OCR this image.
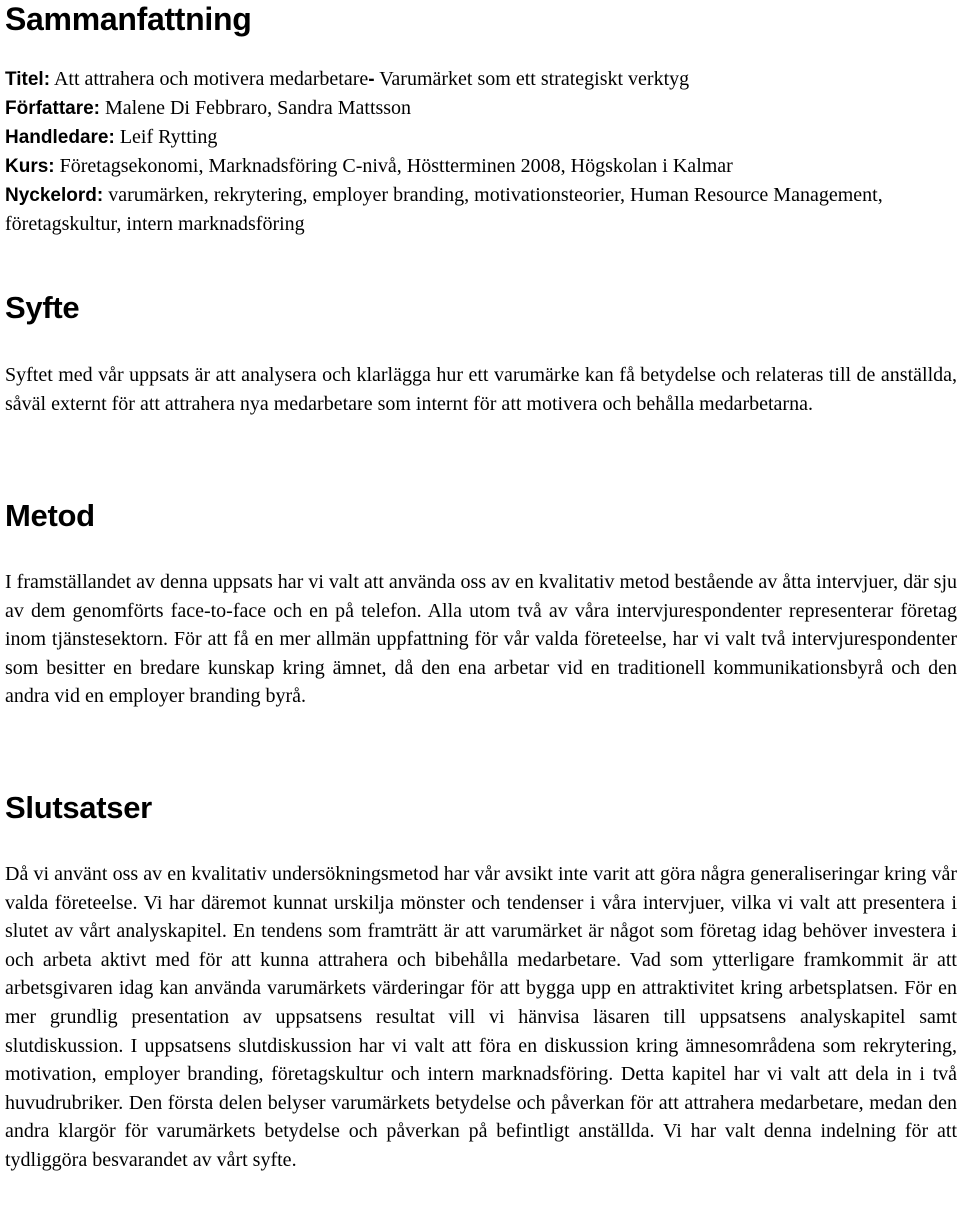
Sammanfattning
Titel: Att attrahera och motivera medarbetare- Varumärket som ett strategiskt verktyg
Författare: Malene Di Febbraro, Sandra Mattsson
Handledare: Leif Rytting
Kurs: Företagsekonomi, Marknadsföring C-nivå, Höstterminen 2008, Högskolan i Kalmar
Nyckelord: varumärken, rekrytering, employer branding, motivationsteorier, Human Resource Management, företagskultur, intern marknadsföring
Syfte

Syftet med vår uppsats är att analysera och klarlägga hur ett varumärke kan få betydelse och relateras till de anställda, såväl externt för att attrahera nya medarbetare som internt för att motivera och behålla medarbetarna.

Metod

I framställandet av denna uppsats har vi valt att använda oss av en kvalitativ metod bestående av åtta intervjuer, där sju av dem genomförts face-to-face och en på telefon. Alla utom två av våra intervjurespondenter representerar företag inom tjänstesektorn. För att få en mer allmän uppfattning för vår valda företeelse, har vi valt två intervjurespondenter som besitter en bredare kunskap kring ämnet, då den ena arbetar vid en traditionell kommunikationsbyrå och den andra vid en employer branding byrå.

Slutsatser

Då vi använt oss av en kvalitativ undersökningsmetod har vår avsikt inte varit att göra några generaliseringar kring vår valda företeelse. Vi har däremot kunnat urskilja mönster och tendenser i våra intervjuer, vilka vi valt att presentera i slutet av vårt analyskapitel. En tendens som framträtt är att varumärket är något som företag idag behöver investera i och arbeta aktivt med för att kunna attrahera och bibehålla medarbetare. Vad som ytterligare framkommit är att arbetsgivaren idag kan använda varumärkets värderingar för att bygga upp en attraktivitet kring arbetsplatsen. För en mer grundlig presentation av uppsatsens resultat vill vi hänvisa läsaren till uppsatsens analyskapitel samt slutdiskussion. I uppsatsens slutdiskussion har vi valt att föra en diskussion kring ämnesområdena som rekrytering, motivation, employer branding, företagskultur och intern marknadsföring. Detta kapitel har vi valt att dela in i två huvudrubriker. Den första delen belyser varumärkets betydelse och påverkan för att attrahera medarbetare, medan den andra klargör för varumärkets betydelse och påverkan på befintligt anställda. Vi har valt denna indelning för att tydliggöra besvarandet av vårt syfte.
